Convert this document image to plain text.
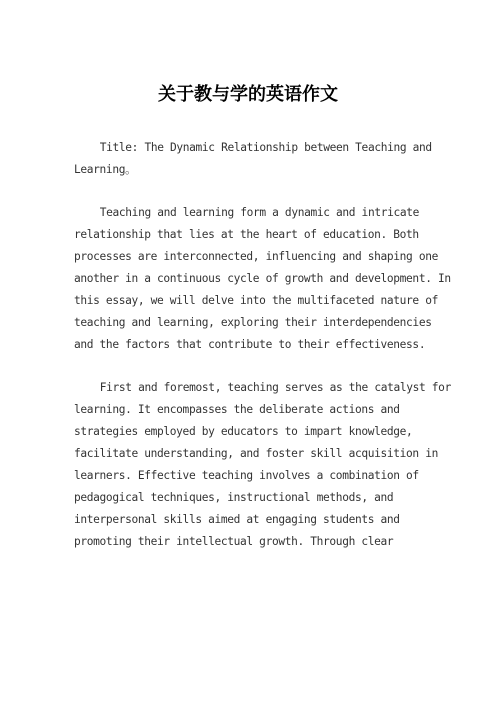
关于教与学的英语作文

Title: The Dynamic Relationship between Teaching and
Learning。

Teaching and learning form a dynamic and intricate
relationship that lies at the heart of education. Both
processes are interconnected, influencing and shaping one
another in a continuous cycle of growth and development. In
this essay, we will delve into the multifaceted nature of
teaching and learning, exploring their interdependencies
and the factors that contribute to their effectiveness.

First and foremost, teaching serves as the catalyst for
learning. It encompasses the deliberate actions and
strategies employed by educators to impart knowledge,
facilitate understanding, and foster skill acquisition in
learners. Effective teaching involves a combination of
pedagogical techniques, instructional methods, and
interpersonal skills aimed at engaging students and
promoting their intellectual growth. Through clear
